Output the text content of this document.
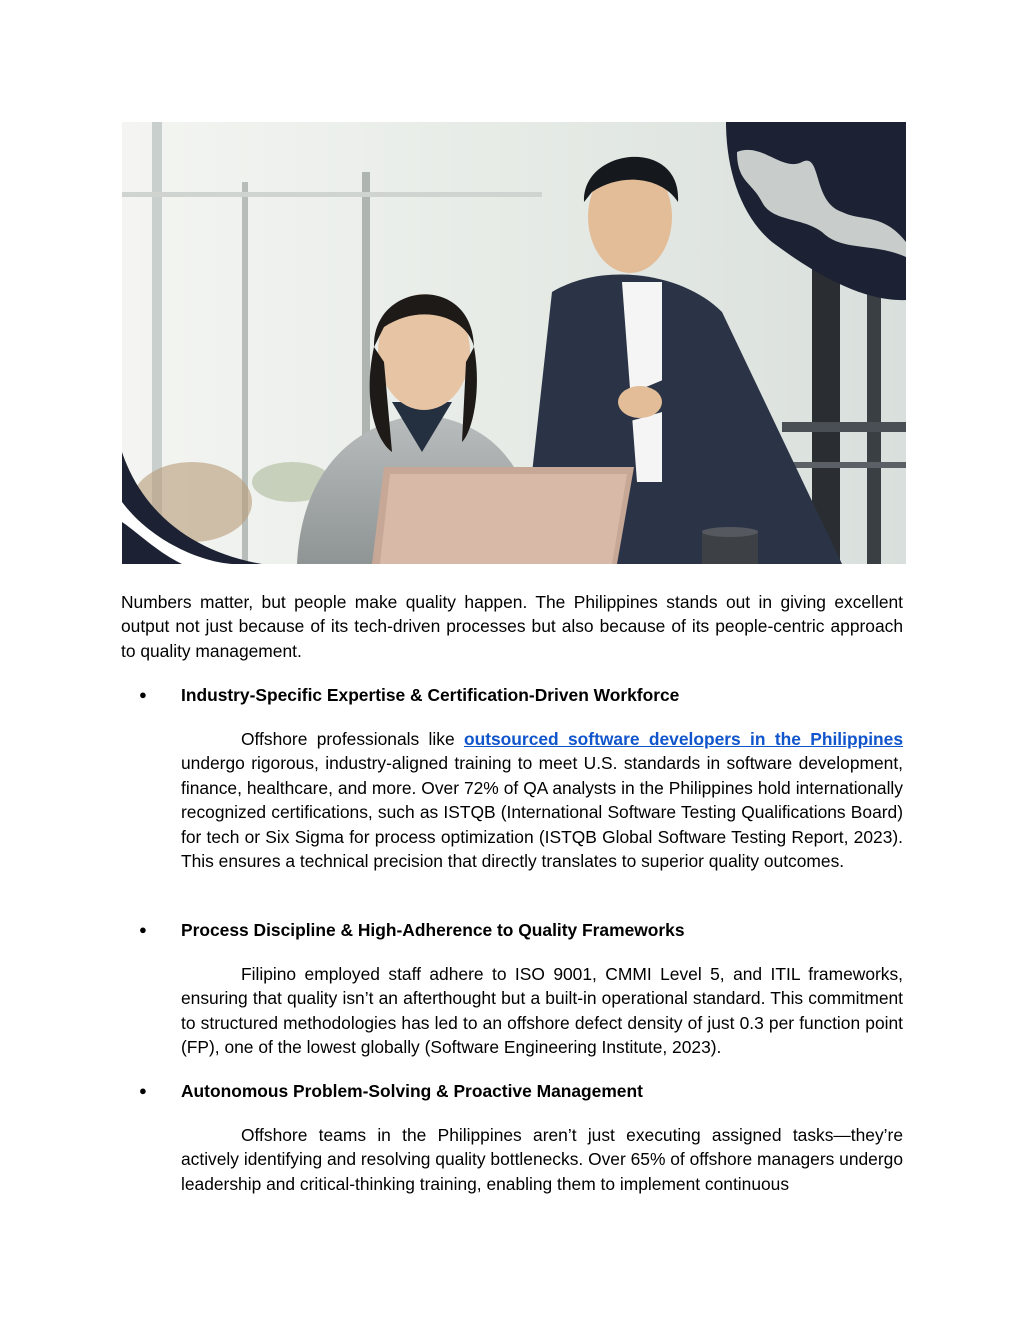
Numbers matter, but people make quality happen. The Philippines stands out in giving excellent output not just because of its tech-driven processes but also because of its people-centric approach to quality management.

● Industry-Specific Expertise & Certification-Driven Workforce

Offshore professionals like outsourced software developers in the Philippines undergo rigorous, industry-aligned training to meet U.S. standards in software development, finance, healthcare, and more. Over 72% of QA analysts in the Philippines hold internationally recognized certifications, such as ISTQB (International Software Testing Qualifications Board) for tech or Six Sigma for process optimization (ISTQB Global Software Testing Report, 2023). This ensures a technical precision that directly translates to superior quality outcomes.

● Process Discipline & High-Adherence to Quality Frameworks

Filipino employed staff adhere to ISO 9001, CMMI Level 5, and ITIL frameworks, ensuring that quality isn’t an afterthought but a built-in operational standard. This commitment to structured methodologies has led to an offshore defect density of just 0.3 per function point (FP), one of the lowest globally (Software Engineering Institute, 2023).

● Autonomous Problem-Solving & Proactive Management

Offshore teams in the Philippines aren’t just executing assigned tasks—they’re actively identifying and resolving quality bottlenecks. Over 65% of offshore managers undergo leadership and critical-thinking training, enabling them to implement continuous
